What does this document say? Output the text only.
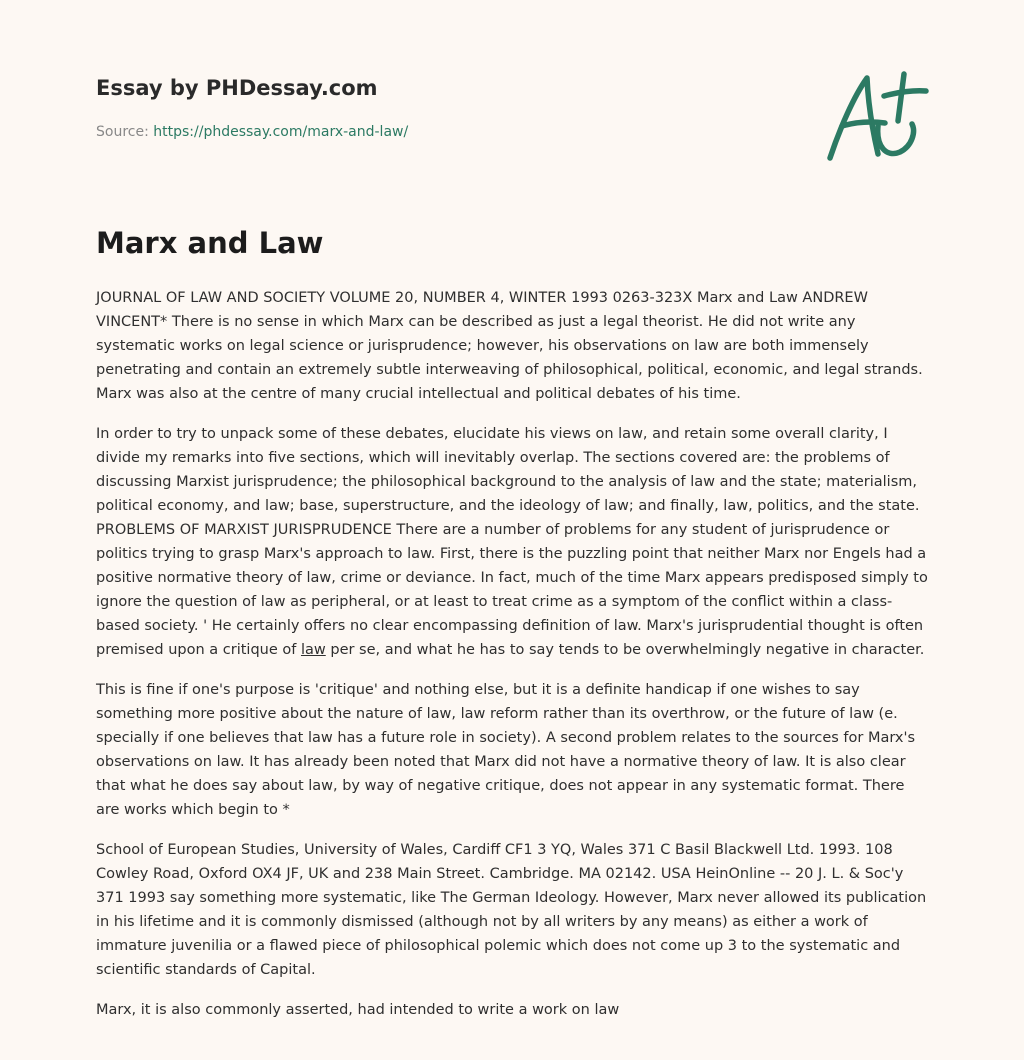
Essay by PHDessay.com
Source: https://phdessay.com/marx-and-law/
Marx and Law

JOURNAL OF LAW AND SOCIETY VOLUME 20, NUMBER 4, WINTER 1993 0263-323X Marx and Law ANDREW VINCENT* There is no sense in which Marx can be described as just a legal theorist. He did not write any systematic works on legal science or jurisprudence; however, his observations on law are both immensely penetrating and contain an extremely subtle interweaving of philosophical, political, economic, and legal strands. Marx was also at the centre of many crucial intellectual and political debates of his time.

In order to try to unpack some of these debates, elucidate his views on law, and retain some overall clarity, I divide my remarks into five sections, which will inevitably overlap. The sections covered are: the problems of discussing Marxist jurisprudence; the philosophical background to the analysis of law and the state; materialism, political economy, and law; base, superstructure, and the ideology of law; and finally, law, politics, and the state. PROBLEMS OF MARXIST JURISPRUDENCE There are a number of problems for any student of jurisprudence or politics trying to grasp Marx's approach to law. First, there is the puzzling point that neither Marx nor Engels had a positive normative theory of law, crime or deviance. In fact, much of the time Marx appears predisposed simply to ignore the question of law as peripheral, or at least to treat crime as a symptom of the conflict within a class-based society. ' He certainly offers no clear encompassing definition of law. Marx's jurisprudential thought is often premised upon a critique of law per se, and what he has to say tends to be overwhelmingly negative in character.

This is fine if one's purpose is 'critique' and nothing else, but it is a definite handicap if one wishes to say something more positive about the nature of law, law reform rather than its overthrow, or the future of law (e. specially if one believes that law has a future role in society). A second problem relates to the sources for Marx's observations on law. It has already been noted that Marx did not have a normative theory of law. It is also clear that what he does say about law, by way of negative critique, does not appear in any systematic format. There are works which begin to *

School of European Studies, University of Wales, Cardiff CF1 3 YQ, Wales 371 C Basil Blackwell Ltd. 1993. 108 Cowley Road, Oxford OX4 JF, UK and 238 Main Street. Cambridge. MA 02142. USA HeinOnline -- 20 J. L. & Soc'y 371 1993 say something more systematic, like The German Ideology. However, Marx never allowed its publication in his lifetime and it is commonly dismissed (although not by all writers by any means) as either a work of immature juvenilia or a flawed piece of philosophical polemic which does not come up 3 to the systematic and scientific standards of Capital.

Marx, it is also commonly asserted, had intended to write a work on law
